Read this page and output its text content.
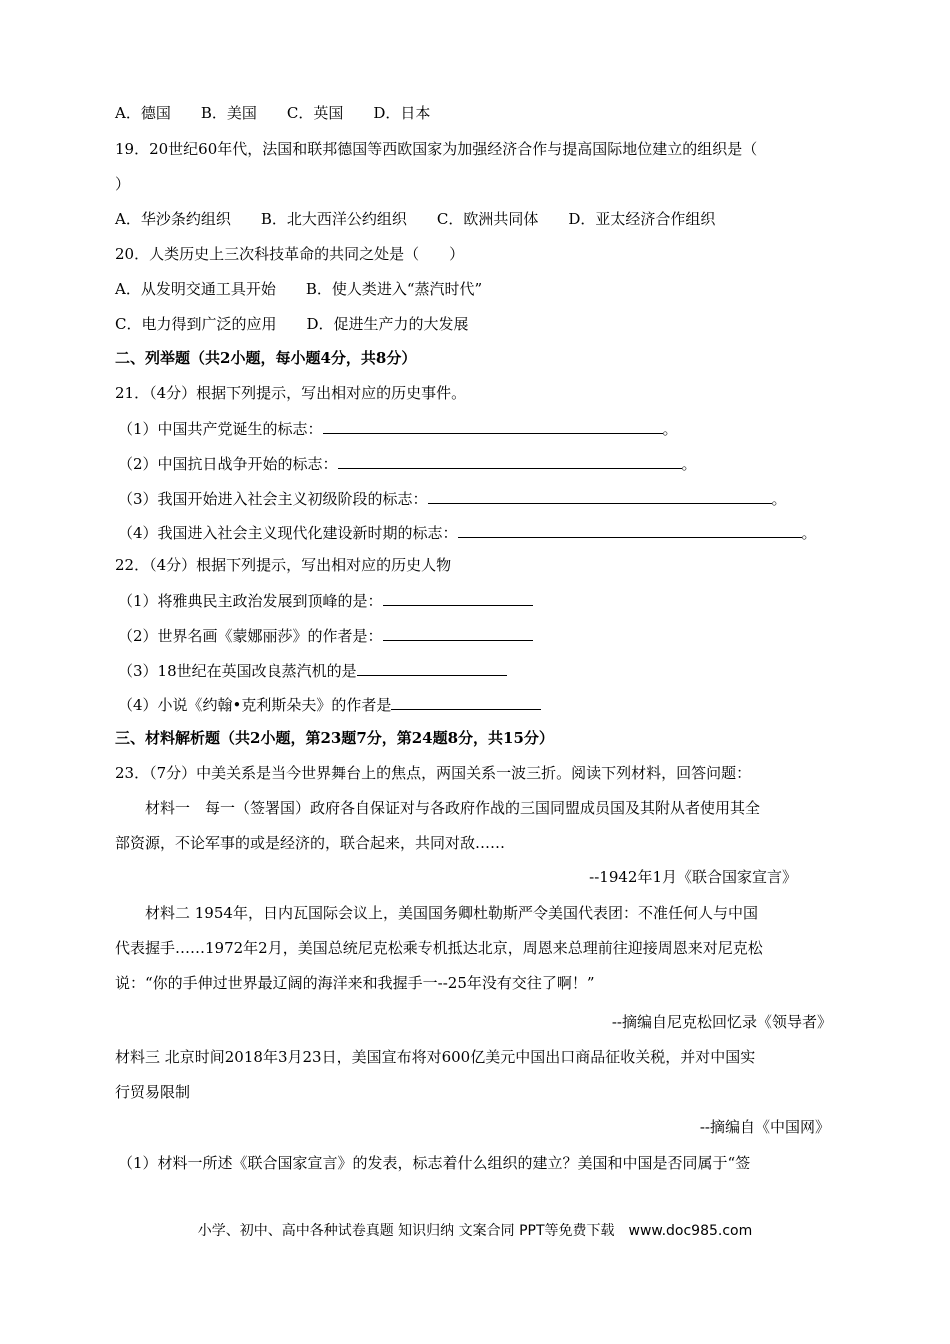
A．德国　　B．美国　　C．英国　　D．日本
19．20世纪60年代，法国和联邦德国等西欧国家为加强经济合作与提高国际地位建立的组织是（
）
A．华沙条约组织　　B．北大西洋公约组织　　C．欧洲共同体　　D．亚太经济合作组织
20．人类历史上三次科技革命的共同之处是（　　）
A．从发明交通工具开始　　B．使人类进入“蒸汽时代”
C．电力得到广泛的应用　　D．促进生产力的大发展
二、列举题（共2小题，每小题4分，共8分）
21．（4分）根据下列提示，写出相对应的历史事件。
（1）中国共产党诞生的标志：	。
（2）中国抗日战争开始的标志：	。
（3）我国开始进入社会主义初级阶段的标志：	。
（4）我国进入社会主义现代化建设新时期的标志：	。
22．（4分）根据下列提示，写出相对应的历史人物
（1）将雅典民主政治发展到顶峰的是：
（2）世界名画《蒙娜丽莎》的作者是：
（3）18世纪在英国改良蒸汽机的是
（4）小说《约翰•克利斯朵夫》的作者是
三、材料解析题（共2小题，第23题7分，第24题8分，共15分）
23．（7分）中美关系是当今世界舞台上的焦点，两国关系一波三折。阅读下列材料，回答问题：
材料一　每一（签署国）政府各自保证对与各政府作战的三国同盟成员国及其附从者使用其全
部资源，不论军事的或是经济的，联合起来，共同对敌……
--1942年1月《联合国家宣言》
材料二 1954年，日内瓦国际会议上，美国国务卿杜勒斯严令美国代表团：不准任何人与中国
代表握手……1972年2月，美国总统尼克松乘专机抵达北京，周恩来总理前往迎接周恩来对尼克松
说：“你的手伸过世界最辽阔的海洋来和我握手一--25年没有交往了啊！”
--摘编自尼克松回忆录《领导者》
材料三 北京时间2018年3月23日，美国宣布将对600亿美元中国出口商品征收关税，并对中国实
行贸易限制
--摘编自《中国网》
（1）材料一所述《联合国家宣言》的发表，标志着什么组织的建立？美国和中国是否同属于“签
小学、初中、高中各种试卷真题 知识归纳 文案合同 PPT等免费下载　www.doc985.com
